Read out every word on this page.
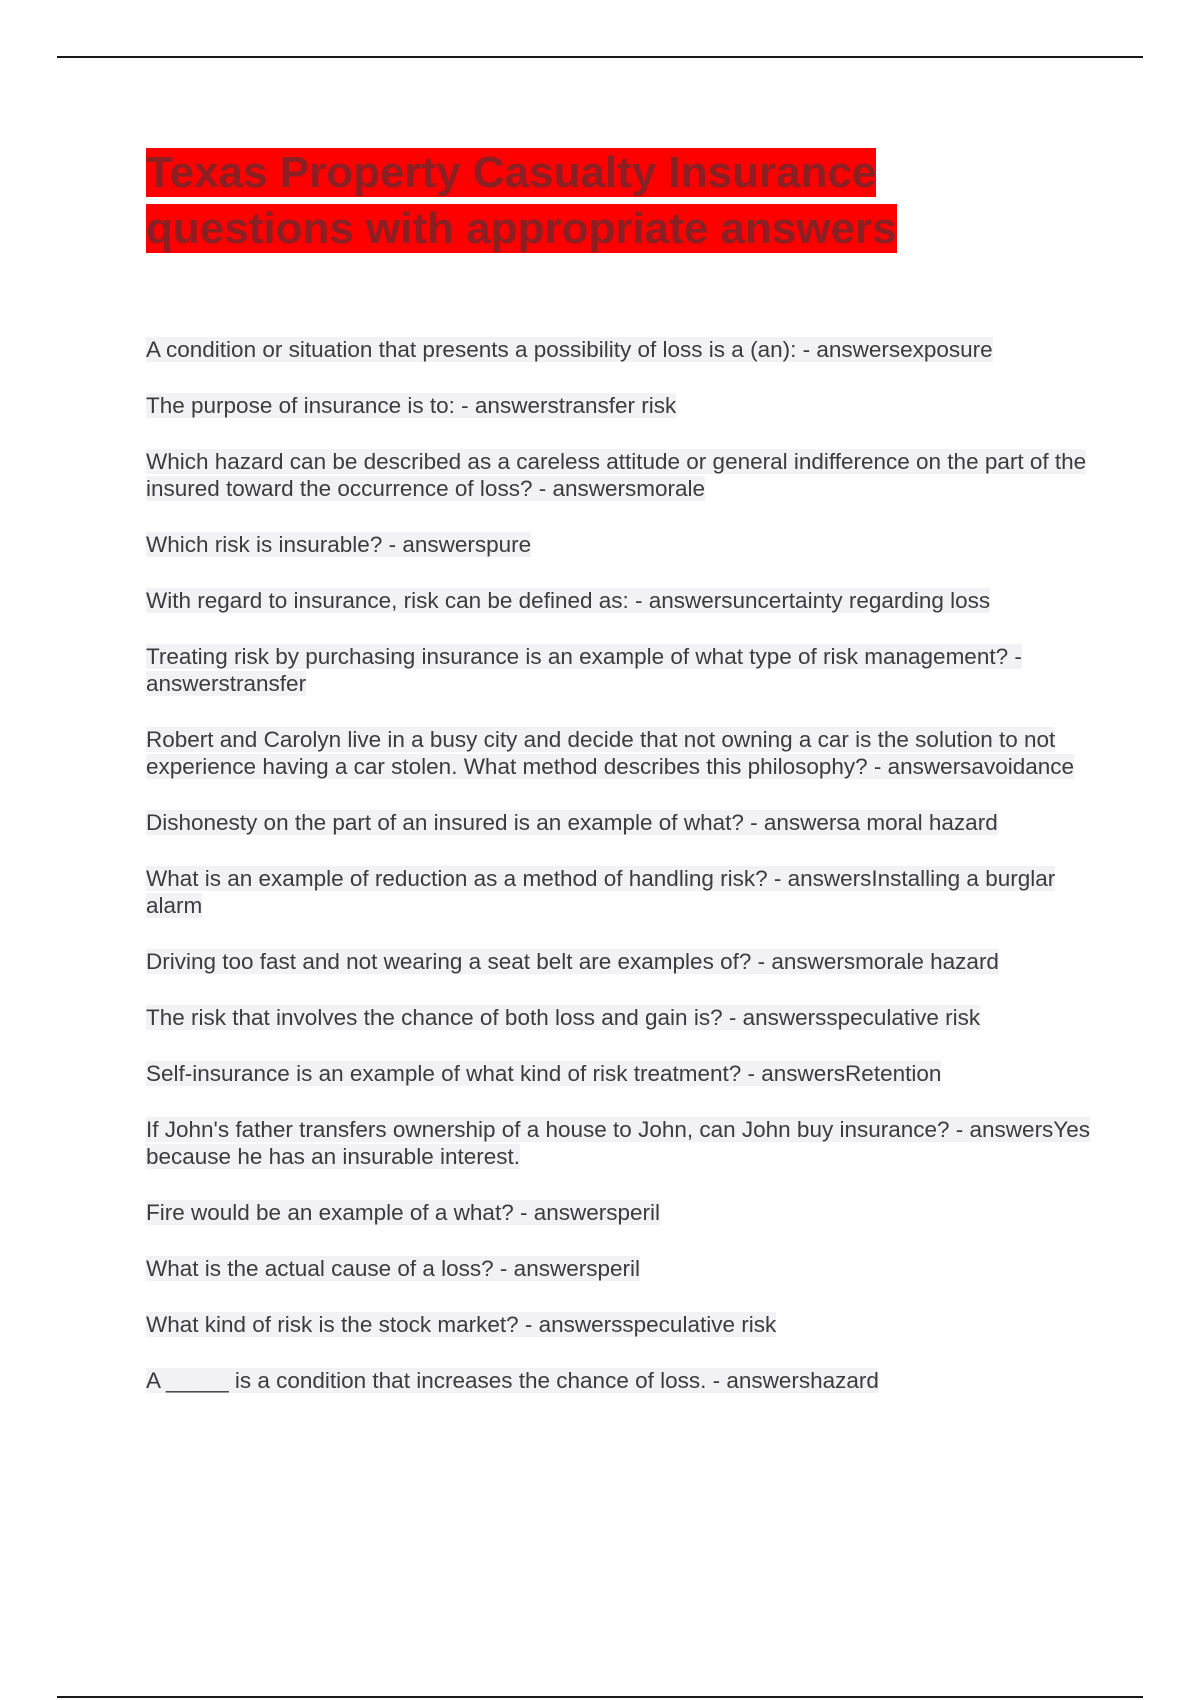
Texas Property Casualty Insurance
questions with appropriate answers
A condition or situation that presents a possibility of loss is a (an): - answersexposure
The purpose of insurance is to: - answerstransfer risk
Which hazard can be described as a careless attitude or general indifference on the part of the insured toward the occurrence of loss? - answersmorale
Which risk is insurable? - answerspure
With regard to insurance, risk can be defined as: - answersuncertainty regarding loss
Treating risk by purchasing insurance is an example of what type of risk management? - answerstransfer
Robert and Carolyn live in a busy city and decide that not owning a car is the solution to not experience having a car stolen. What method describes this philosophy? - answersavoidance
Dishonesty on the part of an insured is an example of what? - answersa moral hazard
What is an example of reduction as a method of handling risk? - answersInstalling a burglar alarm
Driving too fast and not wearing a seat belt are examples of? - answersmorale hazard
The risk that involves the chance of both loss and gain is? - answersspeculative risk
Self-insurance is an example of what kind of risk treatment? - answersRetention
If John's father transfers ownership of a house to John, can John buy insurance? - answersYes because he has an insurable interest.
Fire would be an example of a what? - answersperil
What is the actual cause of a loss? - answersperil
What kind of risk is the stock market? - answersspeculative risk
A _____ is a condition that increases the chance of loss. - answershazard
